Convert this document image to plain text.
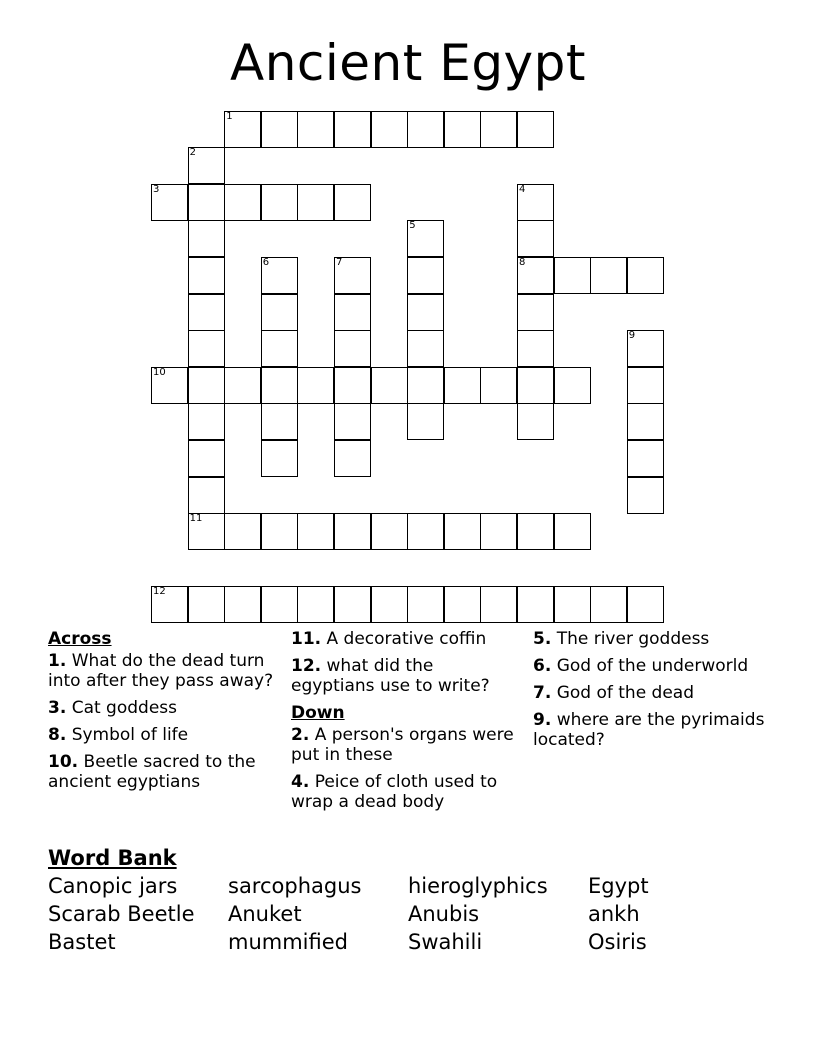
Ancient Egypt
1
2
3	4
5
6	7	8
9
10
11
12
Across
1. What do the dead turn into after they pass away?
3. Cat goddess
8. Symbol of life
10. Beetle sacred to the ancient egyptians
11. A decorative coffin
12. what did the egyptians use to write?
Down
2. A person's organs were put in these
4. Peice of cloth used to wrap a dead body
5. The river goddess
6. God of the underworld
7. God of the dead
9. where are the pyrimaids located?
Word Bank
Canopic jars	sarcophagus	hieroglyphics	Egypt
Scarab Beetle	Anuket	Anubis	ankh
Bastet	mummified	Swahili	Osiris
